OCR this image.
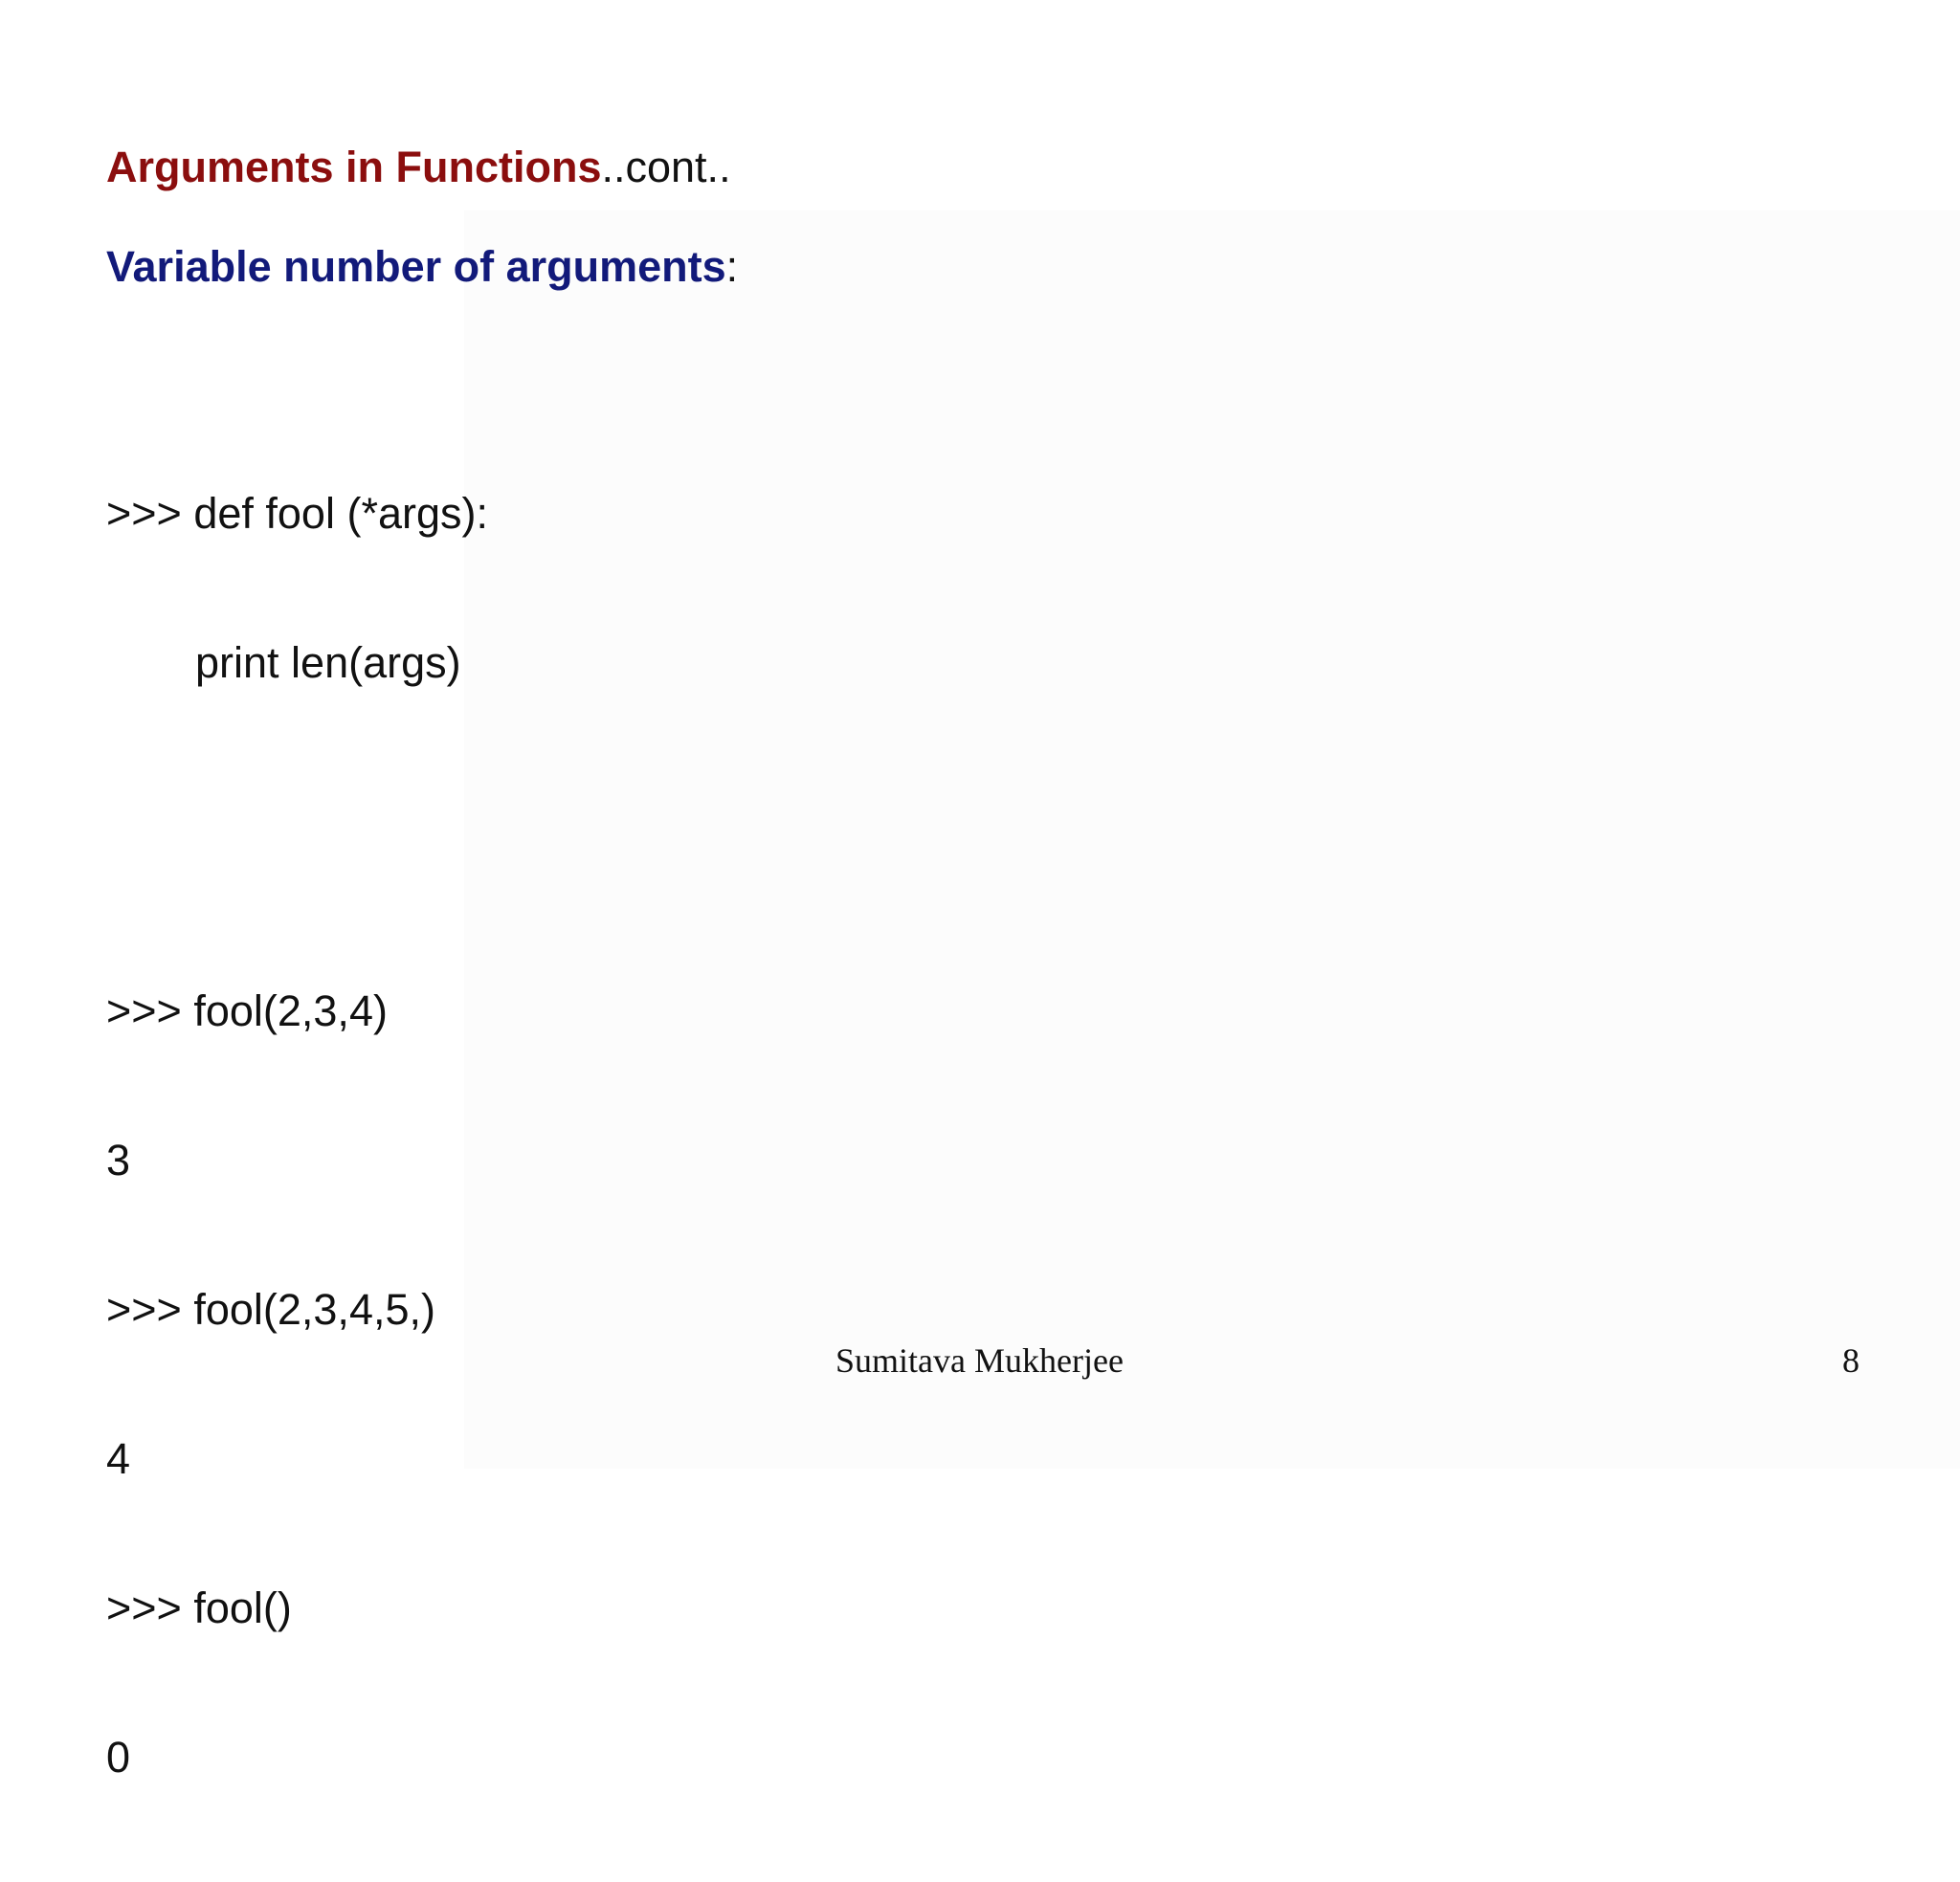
Arguments in Functions..cont..
Variable number of arguments:

>>> def fool (*args):

print len(args)

>>> fool(2,3,4)

3

>>> fool(2,3,4,5,)

4

>>> fool()

0

Sumitava Mukherjee	8
